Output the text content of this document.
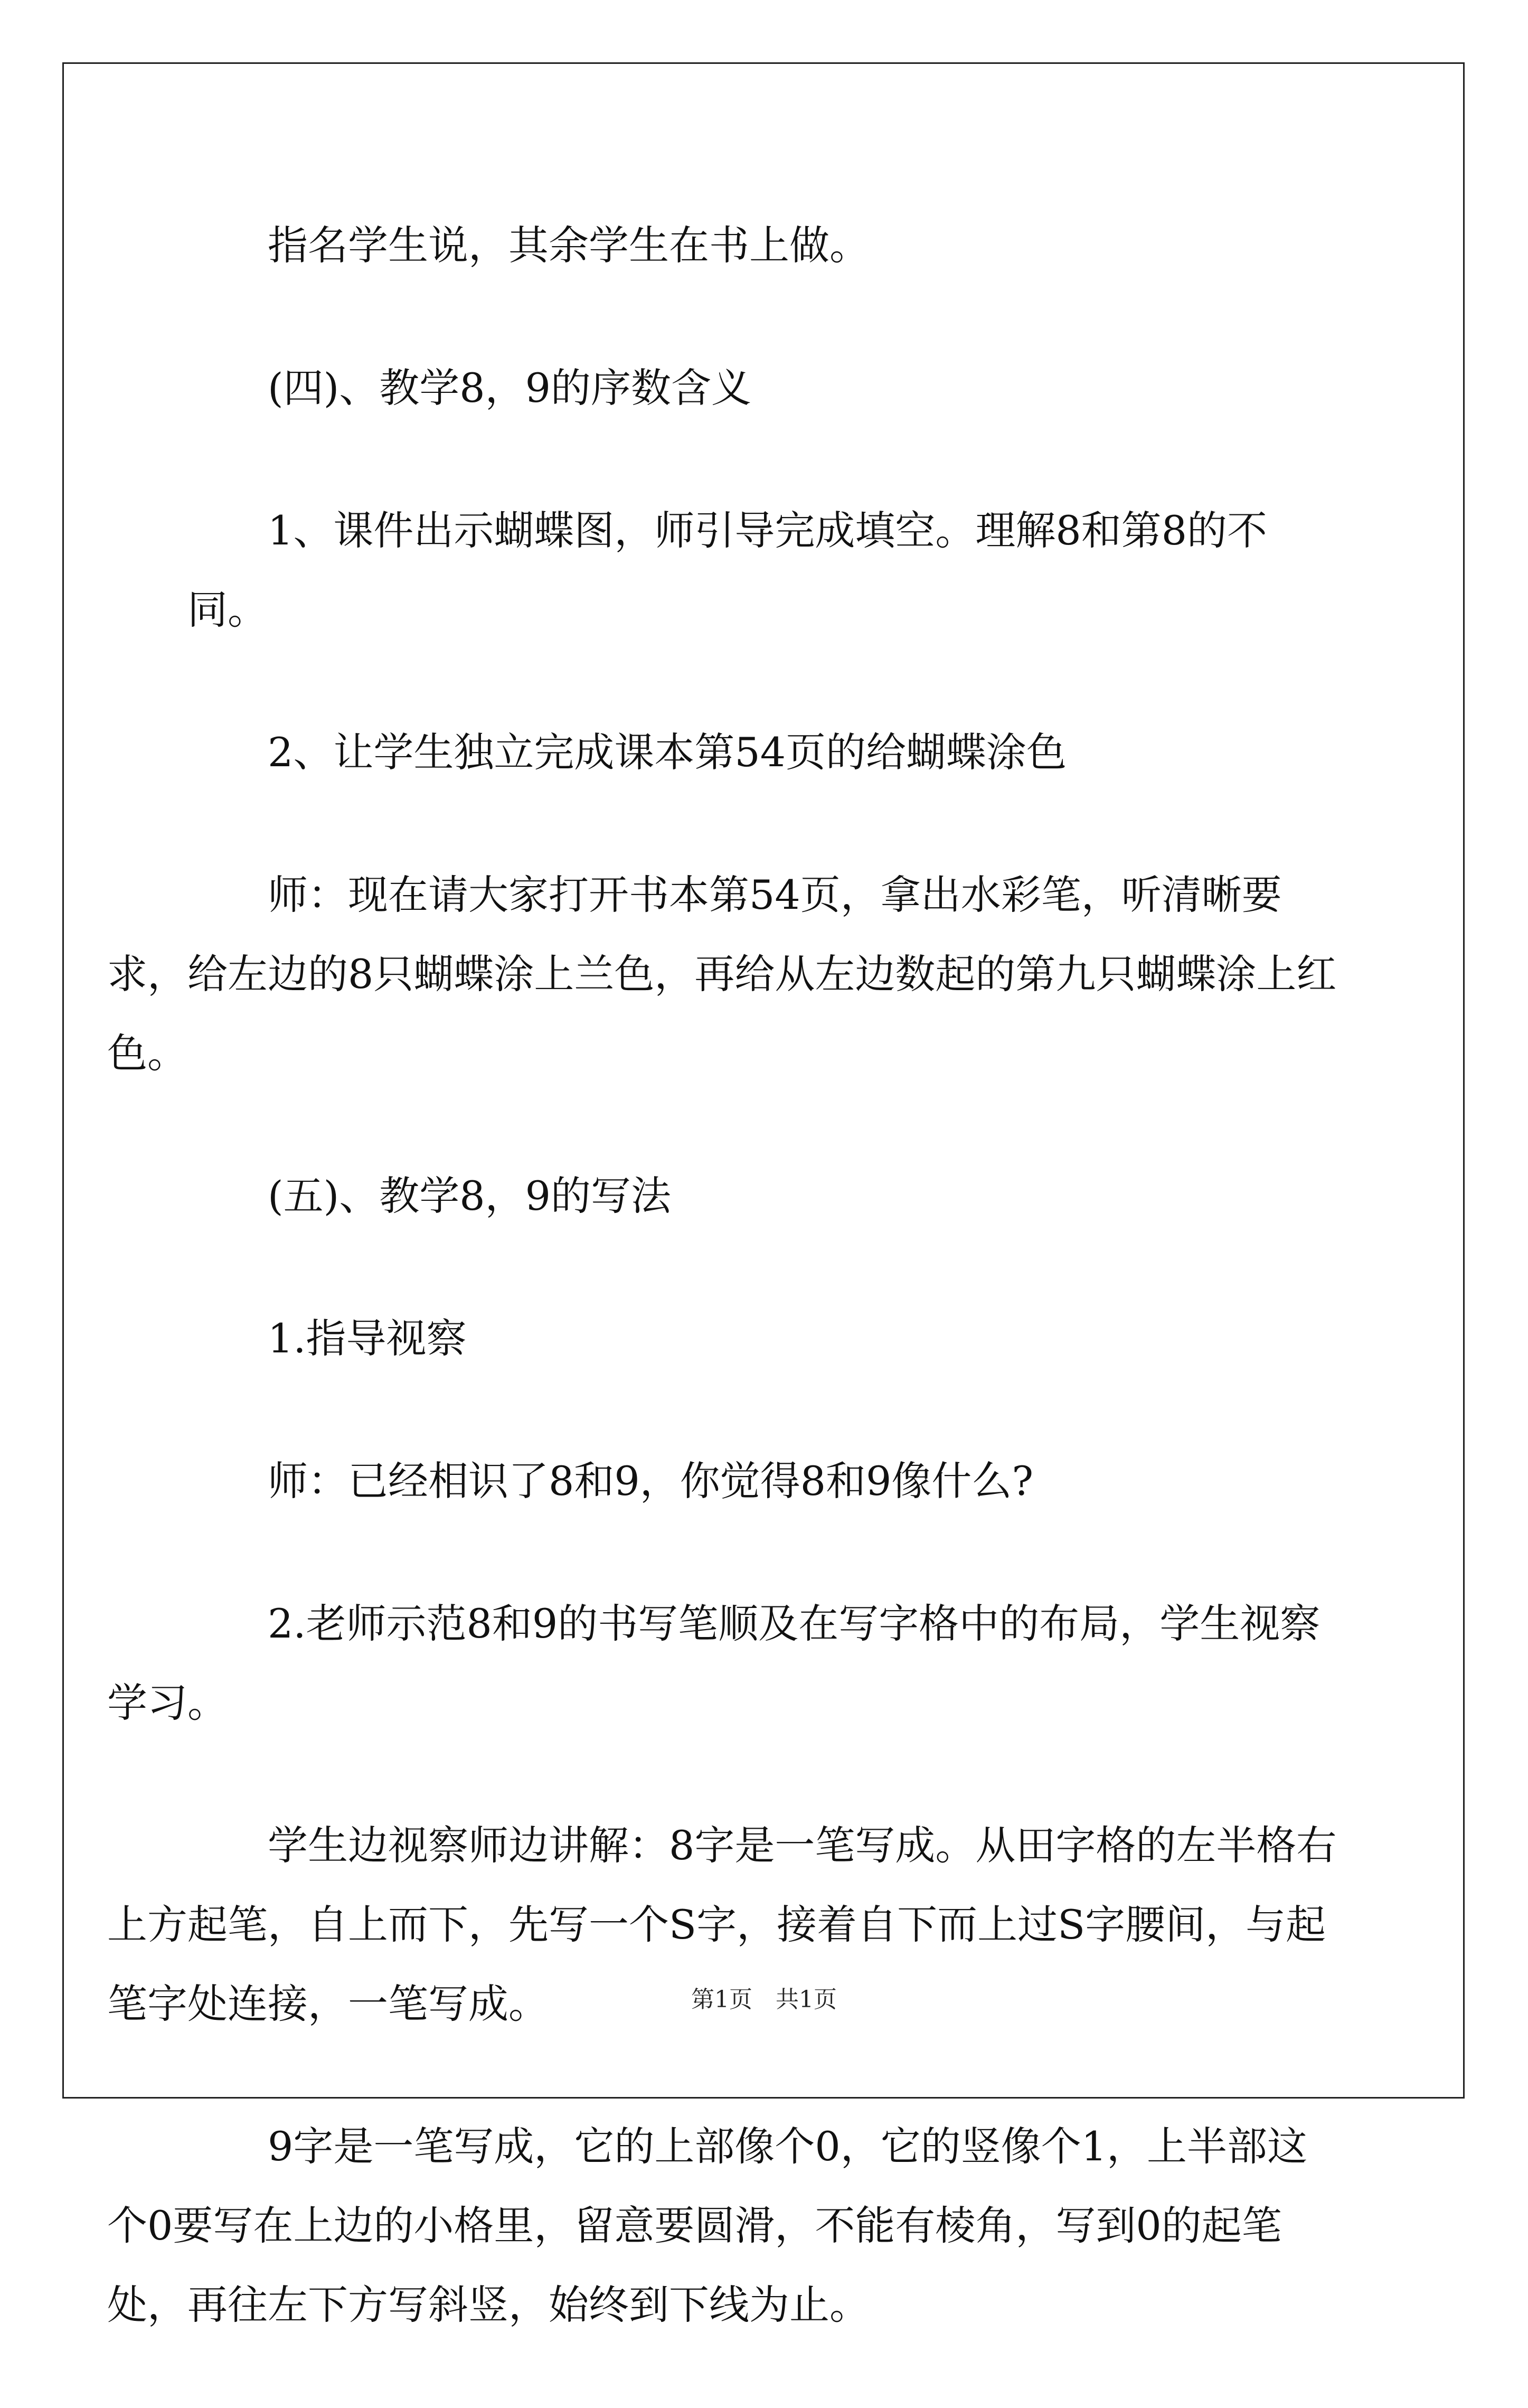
指名学生说，其余学生在书上做。

(四)、教学8，9的序数含义

1、课件出示蝴蝶图，师引导完成填空。理解8和第8的不同。

2、让学生独立完成课本第54页的给蝴蝶涂色

师：现在请大家打开书本第54页，拿出水彩笔，听清晰要求，给左边的8只蝴蝶涂上兰色，再给从左边数起的第九只蝴蝶涂上红色。

(五)、教学8，9的写法

1.指导视察

师：已经相识了8和9，你觉得8和9像什么?

2.老师示范8和9的书写笔顺及在写字格中的布局，学生视察学习。

学生边视察师边讲解：8字是一笔写成。从田字格的左半格右上方起笔，自上而下，先写一个S字，接着自下而上过S字腰间，与起笔字处连接，一笔写成。

9字是一笔写成，它的上部像个0，它的竖像个1，上半部这个0要写在上边的小格里，留意要圆滑，不能有棱角，写到0的起笔处，再往左下方写斜竖，始终到下线为止。

第1页　共1页
